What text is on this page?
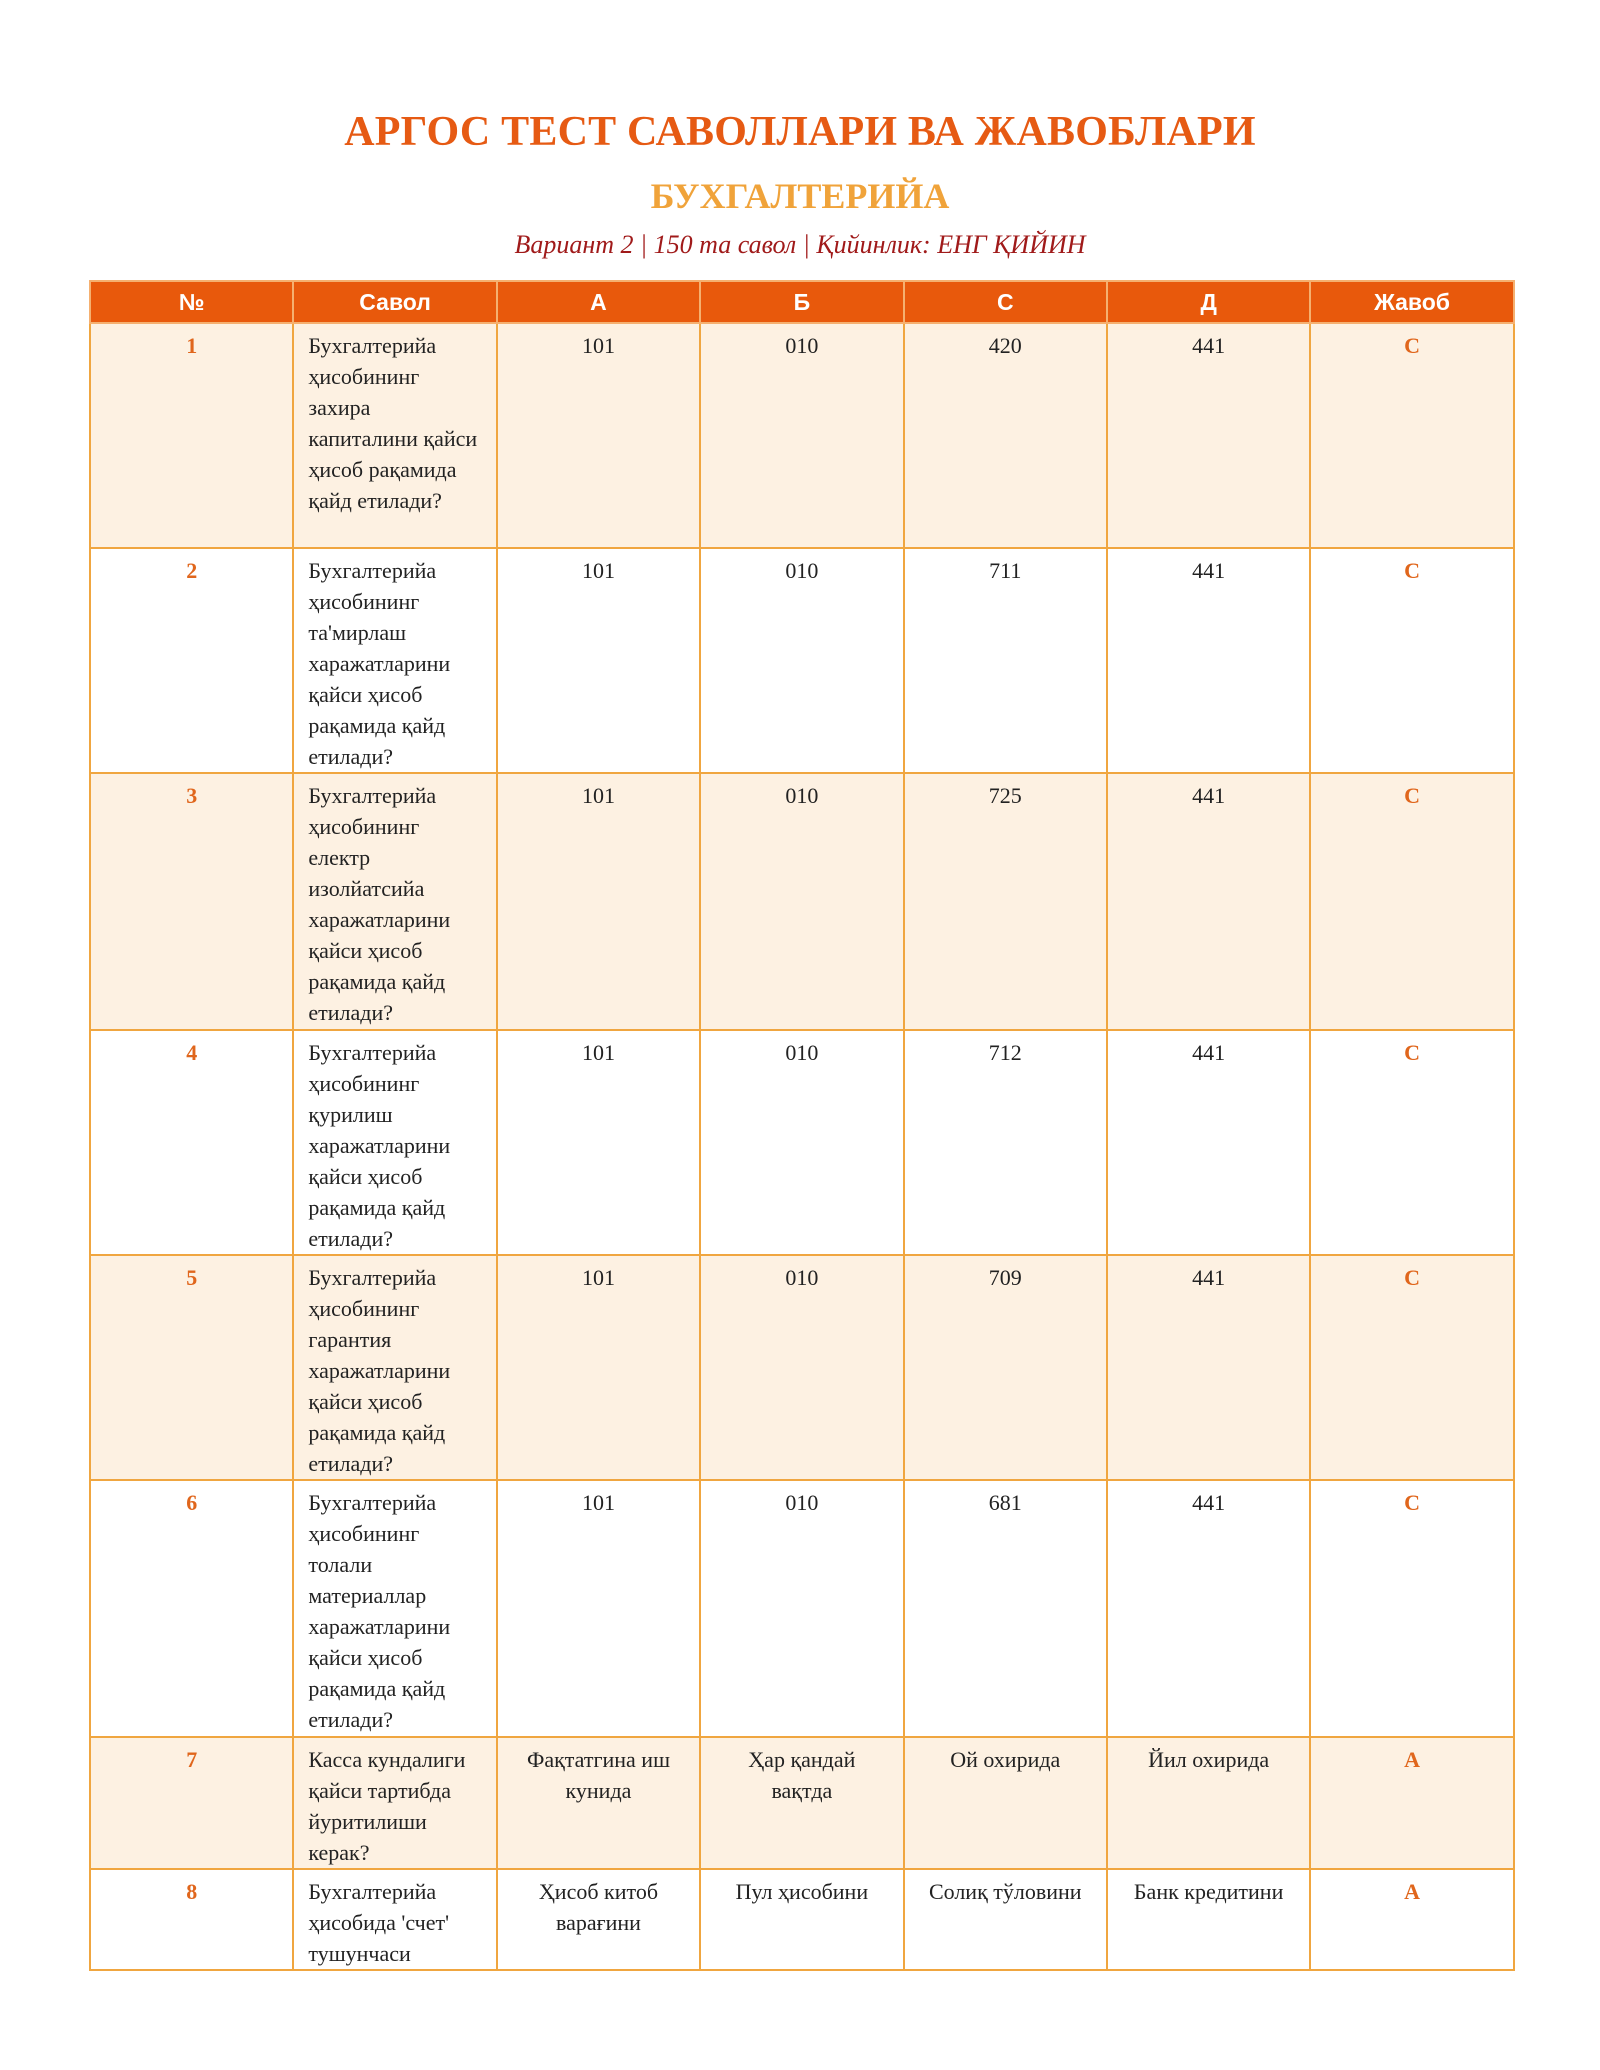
АРГОС ТЕСТ САВОЛЛАРИ ВА ЖАВОБЛАРИ
БУХГАЛТЕРИЙА
Вариант 2 | 150 та савол | Қийинлик: ЕНГ ҚИЙИН
№	Савол	А	Б	С	Д	Жавоб
1	Бухгалтерийа ҳисобининг захира капиталини қайси ҳисоб рақамида қайд етилади?	101	010	420	441	С
2	Бухгалтерийа ҳисобининг та'мирлаш харажатларини қайси ҳисоб рақамида қайд етилади?	101	010	711	441	С
3	Бухгалтерийа ҳисобининг електр изолйатсийа харажатларини қайси ҳисоб рақамида қайд етилади?	101	010	725	441	С
4	Бухгалтерийа ҳисобининг қурилиш харажатларини қайси ҳисоб рақамида қайд етилади?	101	010	712	441	С
5	Бухгалтерийа ҳисобининг гарантия харажатларини қайси ҳисоб рақамида қайд етилади?	101	010	709	441	С
6	Бухгалтерийа ҳисобининг толали материаллар харажатларини қайси ҳисоб рақамида қайд етилади?	101	010	681	441	С
7	Касса кундалиги қайси тартибда йуритилиши керак?	Фақтатгина иш кунида	Ҳар қандай вақтда	Ой охирида	Йил охирида	А
8	Бухгалтерийа ҳисобида 'счет' тушунчаси	Ҳисоб китоб варағини	Пул ҳисобини	Солиқ тўловини	Банк кредитини	А
